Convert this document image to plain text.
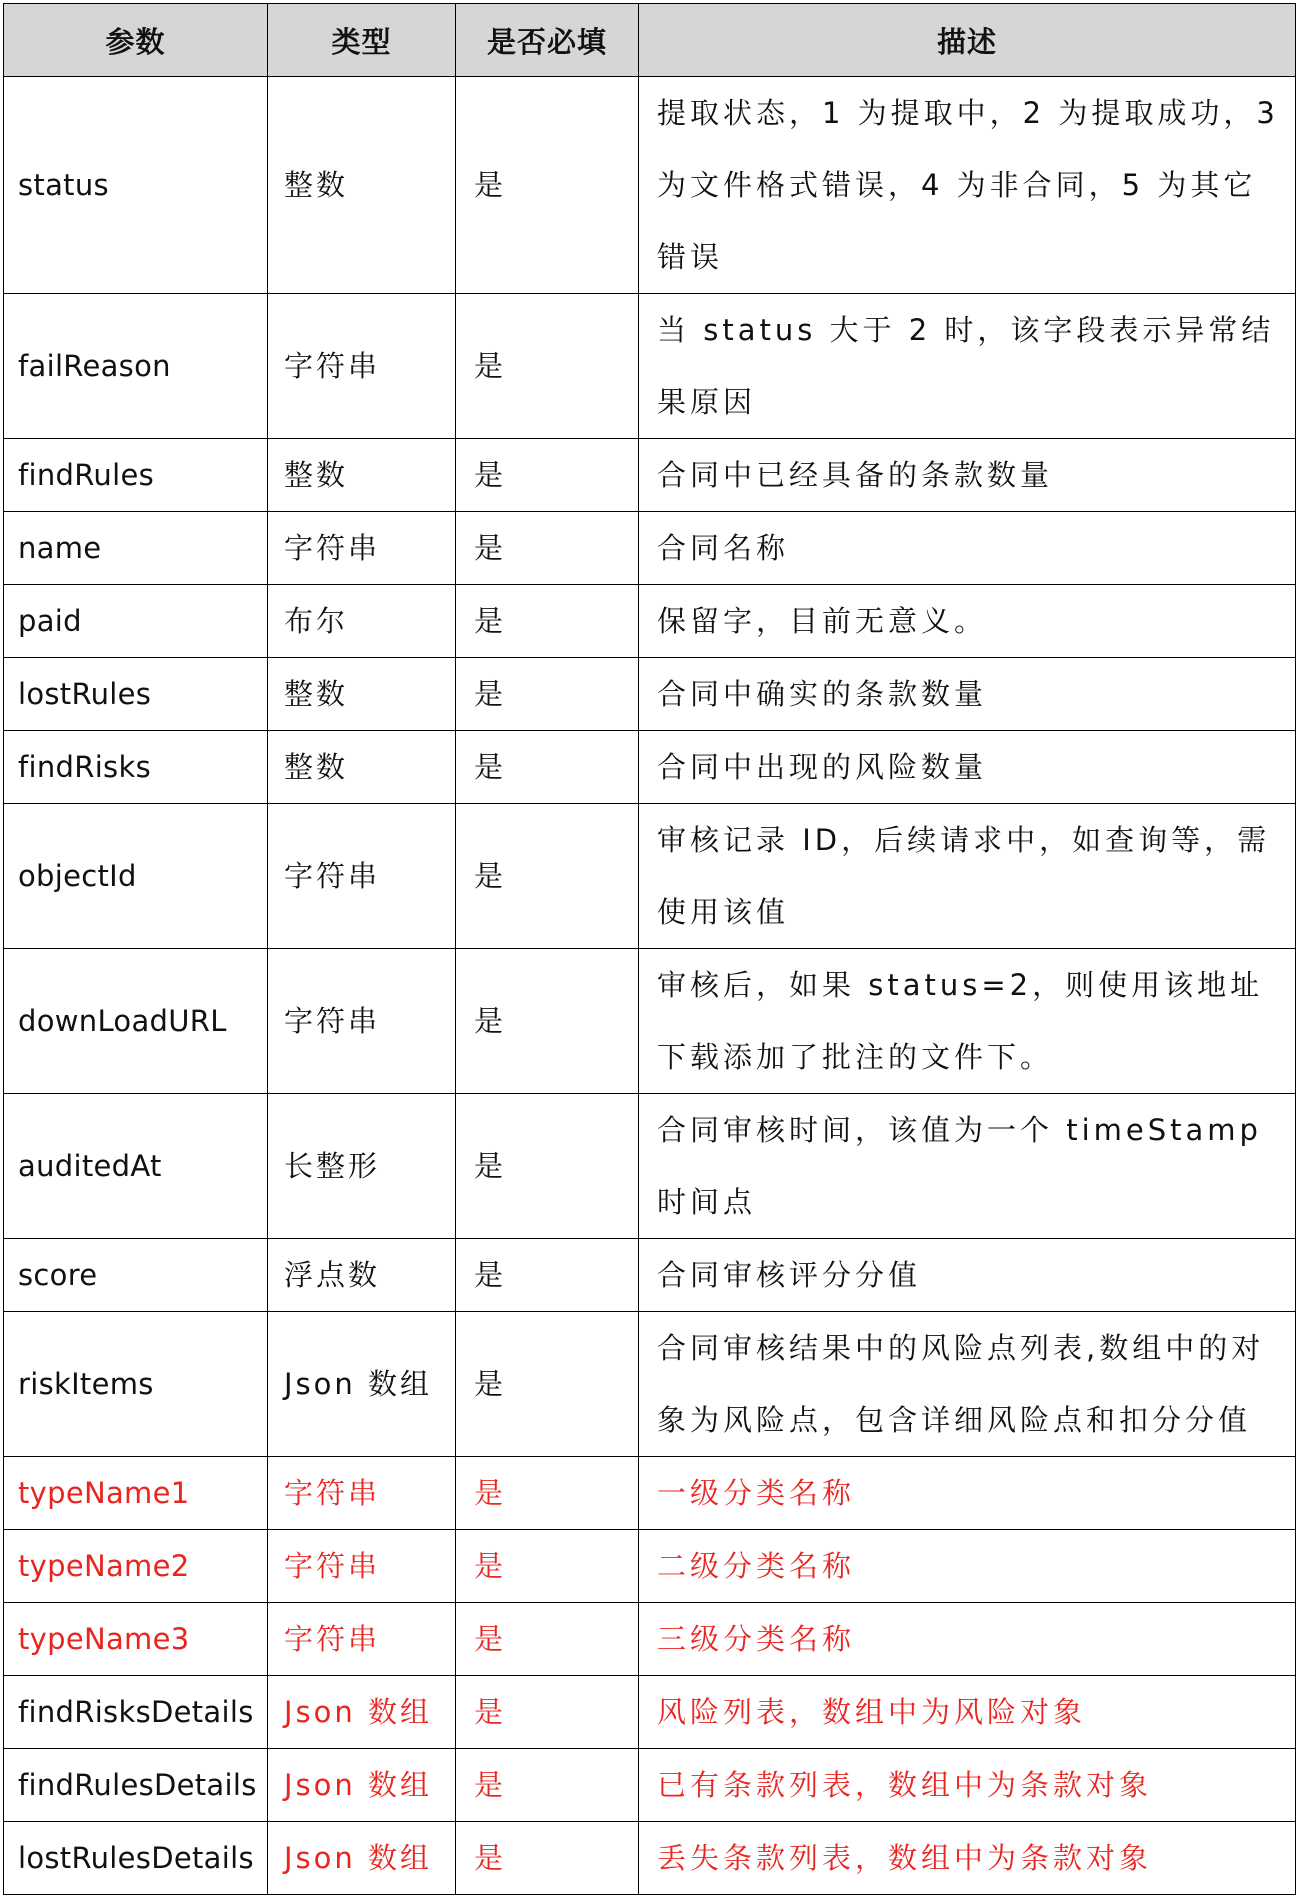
参数	类型	是否必填	描述
status	整数	是	提取状态，1 为提取中，2 为提取成功，3 为文件格式错误，4 为非合同，5 为其它错误
failReason	字符串	是	当 status 大于 2 时，该字段表示异常结果原因
findRules	整数	是	合同中已经具备的条款数量
name	字符串	是	合同名称
paid	布尔	是	保留字，目前无意义。
lostRules	整数	是	合同中确实的条款数量
findRisks	整数	是	合同中出现的风险数量
objectId	字符串	是	审核记录 ID，后续请求中，如查询等，需使用该值
downLoadURL	字符串	是	审核后，如果 status=2，则使用该地址下载添加了批注的文件下。
auditedAt	长整形	是	合同审核时间，该值为一个 timeStamp 时间点
score	浮点数	是	合同审核评分分值
riskItems	Json 数组	是	合同审核结果中的风险点列表,数组中的对象为风险点，包含详细风险点和扣分分值
typeName1	字符串	是	一级分类名称
typeName2	字符串	是	二级分类名称
typeName3	字符串	是	三级分类名称
findRisksDetails	Json 数组	是	风险列表，数组中为风险对象
findRulesDetails	Json 数组	是	已有条款列表，数组中为条款对象
lostRulesDetails	Json 数组	是	丢失条款列表，数组中为条款对象
